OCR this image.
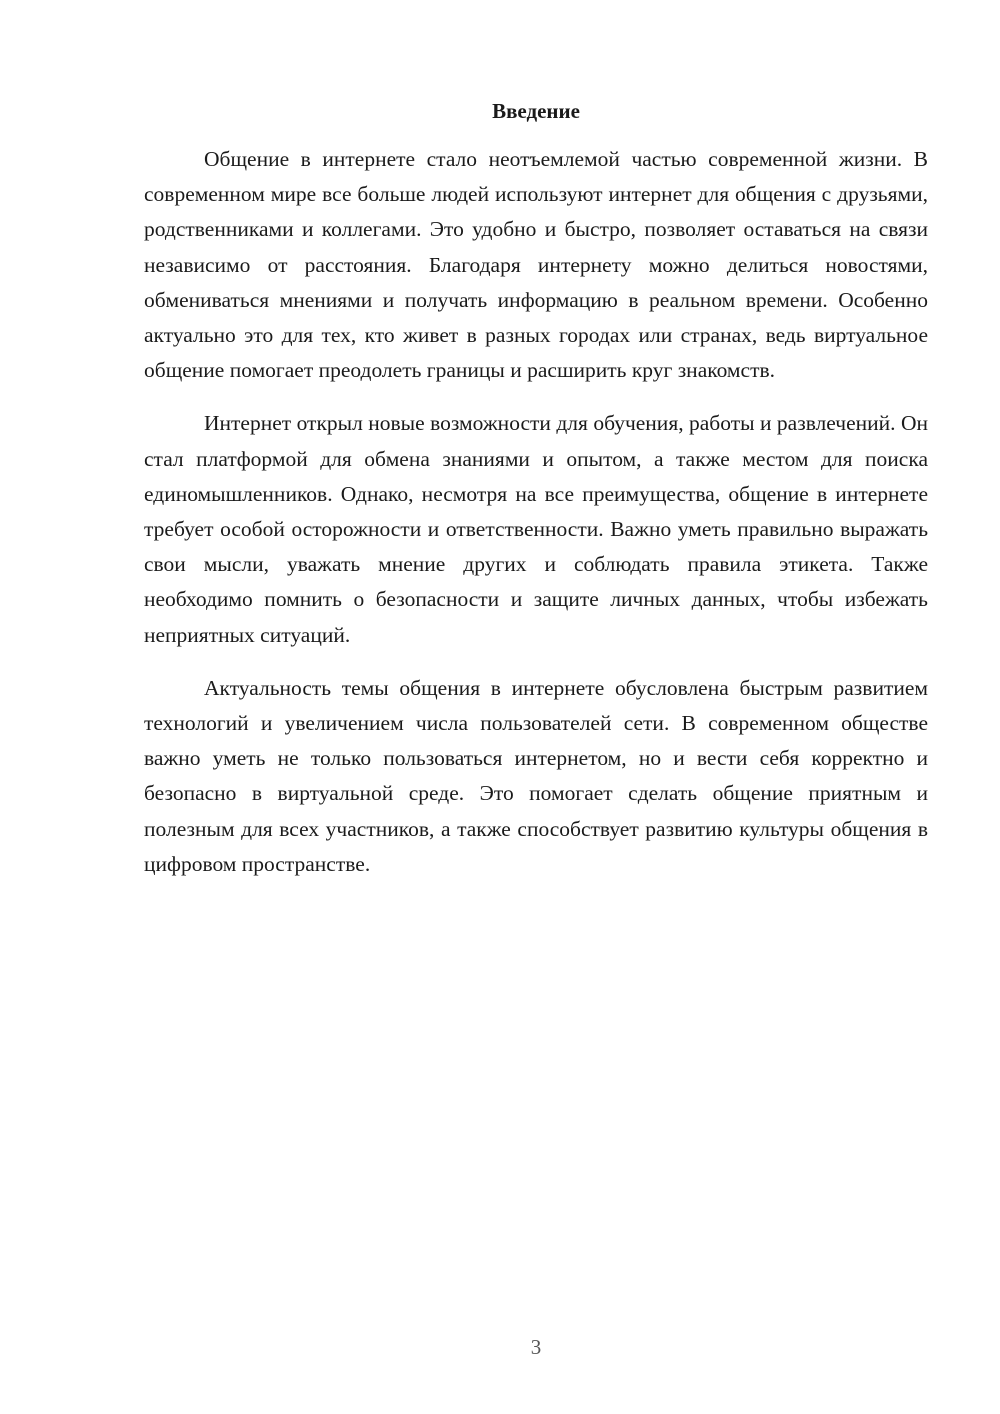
Введение

Общение в интернете стало неотъемлемой частью современной жизни. В современном мире все больше людей используют интернет для общения с друзьями, родственниками и коллегами. Это удобно и быстро, позволяет оставаться на связи независимо от расстояния. Благодаря интернету можно делиться новостями, обмениваться мнениями и получать информацию в реальном времени. Особенно актуально это для тех, кто живет в разных городах или странах, ведь виртуальное общение помогает преодолеть границы и расширить круг знакомств.

Интернет открыл новые возможности для обучения, работы и развлечений. Он стал платформой для обмена знаниями и опытом, а также местом для поиска единомышленников. Однако, несмотря на все преимущества, общение в интернете требует особой осторожности и ответственности. Важно уметь правильно выражать свои мысли, уважать мнение других и соблюдать правила этикета. Также необходимо помнить о безопасности и защите личных данных, чтобы избежать неприятных ситуаций.

Актуальность темы общения в интернете обусловлена быстрым развитием технологий и увеличением числа пользователей сети. В современном обществе важно уметь не только пользоваться интернетом, но и вести себя корректно и безопасно в виртуальной среде. Это помогает сделать общение приятным и полезным для всех участников, а также способствует развитию культуры общения в цифровом пространстве.

3
